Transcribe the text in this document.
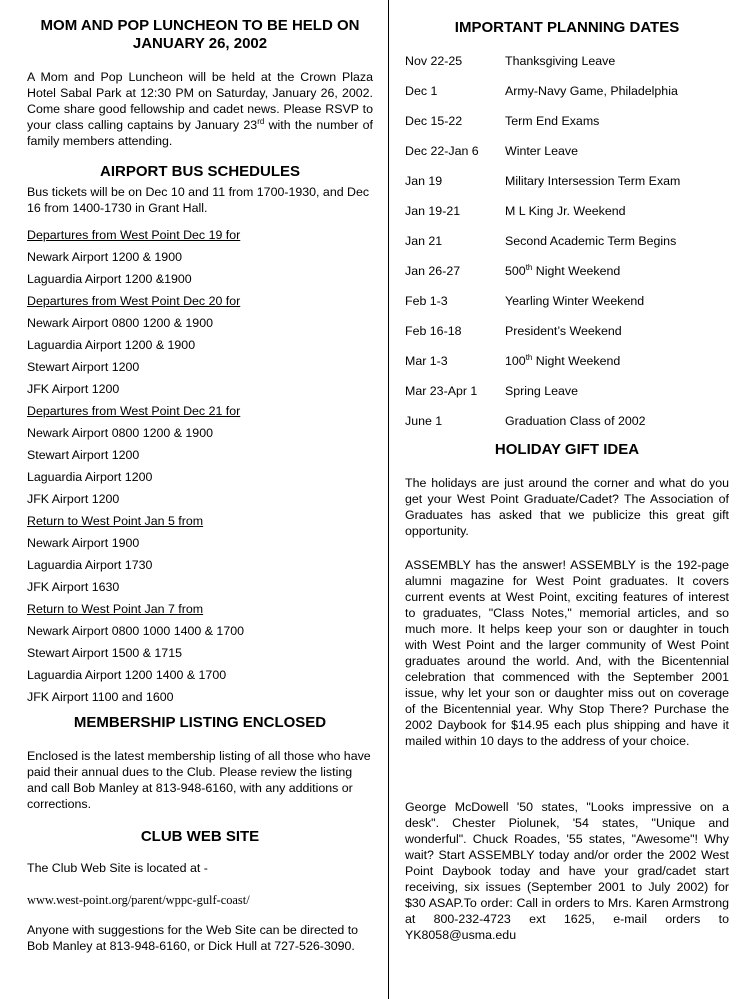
MOM AND POP LUNCHEON TO BE HELD ON
JANUARY 26, 2002

A Mom and Pop Luncheon will be held at the Crown Plaza Hotel Sabal Park at 12:30 PM on Saturday, January 26, 2002. Come share good fellowship and cadet news. Please RSVP to your class calling captains by January 23rd with the number of family members attending.

AIRPORT BUS SCHEDULES

Bus tickets will be on Dec 10 and 11 from 1700-1930, and Dec 16 from 1400-1730 in Grant Hall.

Departures from West Point Dec 19 for
Newark Airport 1200 & 1900
Laguardia Airport 1200 &1900
Departures from West Point Dec 20 for
Newark Airport 0800 1200 & 1900
Laguardia Airport 1200 & 1900
Stewart Airport 1200
JFK Airport 1200
Departures from West Point Dec 21 for
Newark Airport 0800 1200 & 1900
Stewart Airport 1200
Laguardia Airport 1200
JFK Airport 1200
Return to West Point Jan 5 from
Newark Airport 1900
Laguardia Airport 1730
JFK Airport 1630
Return to West Point Jan 7 from
Newark Airport 0800 1000 1400 & 1700
Stewart Airport 1500 & 1715
Laguardia Airport 1200 1400 & 1700
JFK Airport 1100 and 1600
MEMBERSHIP LISTING ENCLOSED

Enclosed is the latest membership listing of all those who have paid their annual dues to the Club. Please review the listing and call Bob Manley at 813-948-6160, with any additions or corrections.

CLUB WEB SITE

The Club Web Site is located at -

www.west-point.org/parent/wppc-gulf-coast/

Anyone with suggestions for the Web Site can be directed to Bob Manley at 813-948-6160, or Dick Hull at 727-526-3090.

IMPORTANT PLANNING DATES
Nov 22-25	Thanksgiving Leave
Dec 1	Army-Navy Game, Philadelphia
Dec 15-22	Term End Exams
Dec 22-Jan 6 Winter Leave
Jan 19	Military Intersession Term Exam
Jan 19-21	M L King Jr. Weekend
Jan 21	Second Academic Term Begins
Jan 26-27	500th Night Weekend
Feb 1-3	Yearling Winter Weekend
Feb 16-18	President’s Weekend
Mar 1-3	100th Night Weekend
Mar 23-Apr 1 Spring Leave
June 1	Graduation Class of 2002
HOLIDAY GIFT IDEA

The holidays are just around the corner and what do you get your West Point Graduate/Cadet? The Association of Graduates has asked that we publicize this great gift opportunity.

ASSEMBLY has the answer! ASSEMBLY is the 192-page alumni magazine for West Point graduates. It covers current events at West Point, exciting features of interest to graduates, "Class Notes," memorial articles, and so much more. It helps keep your son or daughter in touch with West Point and the larger community of West Point graduates around the world. And, with the Bicentennial celebration that commenced with the September 2001 issue, why let your son or daughter miss out on coverage of the Bicentennial year. Why Stop There? Purchase the 2002 Daybook for $14.95 each plus shipping and have it mailed within 10 days to the address of your choice.

George McDowell '50 states, "Looks impressive on a desk". Chester Piolunek, '54 states, "Unique and wonderful". Chuck Roades, '55 states, "Awesome"! Why wait? Start ASSEMBLY today and/or order the 2002 West Point Daybook today and have your grad/cadet start receiving, six issues (September 2001 to July 2002) for $30 ASAP.To order: Call in orders to Mrs. Karen Armstrong at 800-232-4723 ext 1625, e-mail orders to YK8058@usma.edu
